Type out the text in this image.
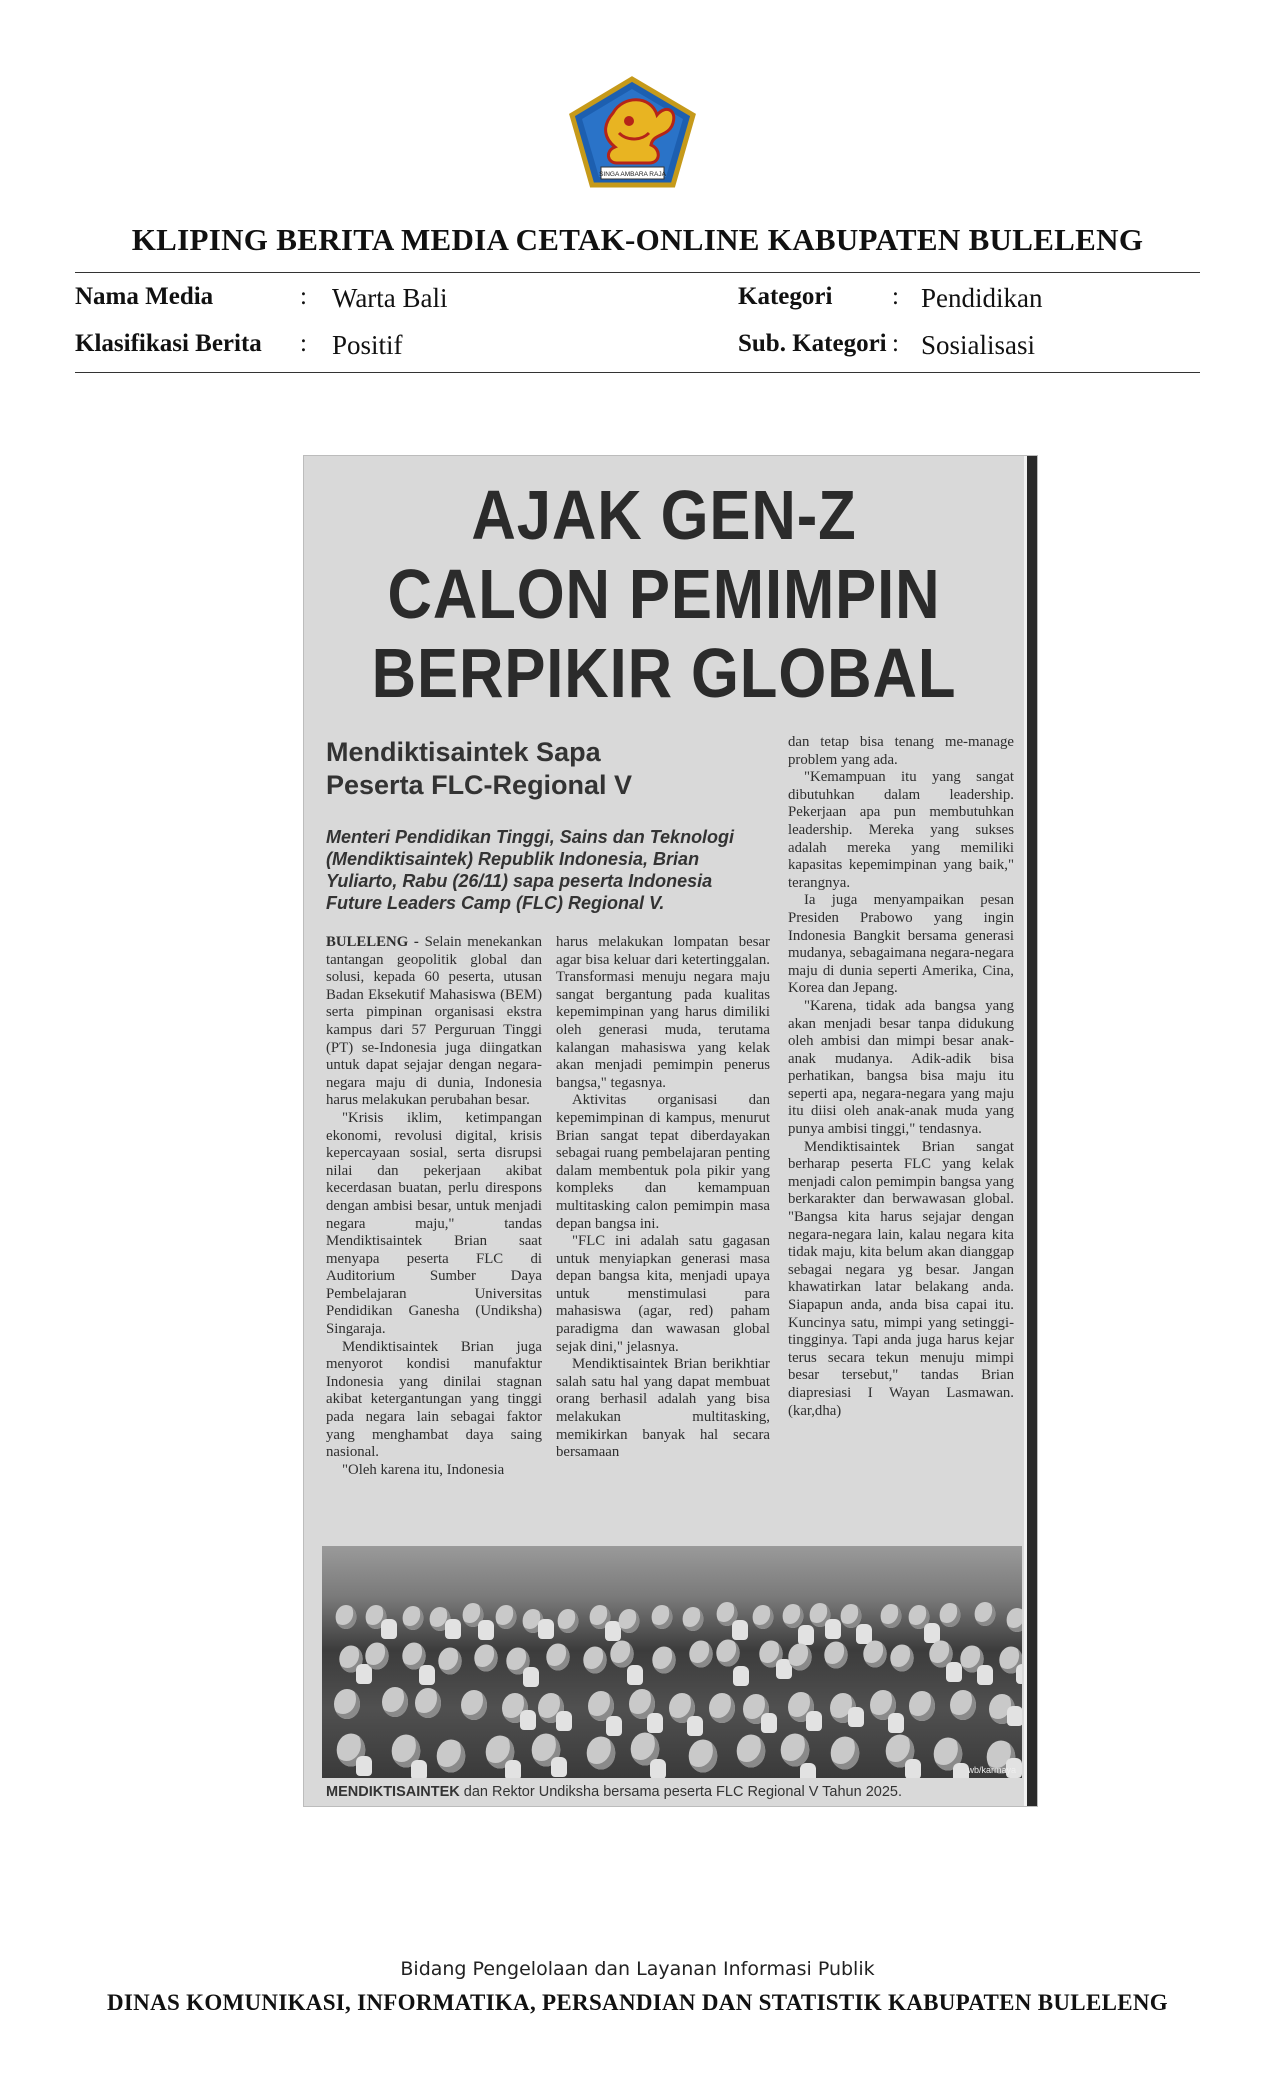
SINGA AMBARA RAJA
KLIPING BERITA MEDIA CETAK-ONLINE KABUPATEN BULELENG
Nama Media	: Warta Bali	Kategori : Pendidikan
Klasifikasi Berita : Positif	Sub. Kategori : Sosialisasi
AJAK GEN-Z
CALON PEMIMPIN
BERPIKIR GLOBAL
Mendiktisaintek Sapa
Peserta FLC-Regional V
Menteri Pendidikan Tinggi, Sains dan Teknologi (Mendiktisaintek) Republik Indonesia, Brian Yuliarto, Rabu (26/11) sapa peserta Indonesia Future Leaders Camp (FLC) Regional V.

BULELENG - Selain menekankan tantangan geopolitik global dan solusi, kepada 60 peserta, utusan Badan Eksekutif Mahasiswa (BEM) serta pimpinan organisasi ekstra kampus dari 57 Perguruan Tinggi (PT) se-Indonesia juga diingatkan untuk dapat sejajar dengan negara-negara maju di dunia, Indonesia harus melakukan perubahan besar.

"Krisis iklim, ketimpangan ekonomi, revolusi digital, krisis kepercayaan sosial, serta disrupsi nilai dan pekerjaan akibat kecerdasan buatan, perlu direspons dengan ambisi besar, untuk menjadi negara maju," tandas Mendiktisaintek Brian saat menyapa peserta FLC di Auditorium Sumber Daya Pembelajaran Universitas Pendidikan Ganesha (Undiksha) Singaraja.

Mendiktisaintek Brian juga menyorot kondisi manufaktur Indonesia yang dinilai stagnan akibat ketergantungan yang tinggi pada negara lain sebagai faktor yang menghambat daya saing nasional.

"Oleh karena itu, Indonesia

harus melakukan lompatan besar agar bisa keluar dari ketertinggalan. Transformasi menuju negara maju sangat bergantung pada kualitas kepemimpinan yang harus dimiliki oleh generasi muda, terutama kalangan mahasiswa yang kelak akan menjadi pemimpin penerus bangsa," tegasnya.

Aktivitas organisasi dan kepemimpinan di kampus, menurut Brian sangat tepat diberdayakan sebagai ruang pembelajaran penting dalam membentuk pola pikir yang kompleks dan kemampuan multitasking calon pemimpin masa depan bangsa ini.

"FLC ini adalah satu gagasan untuk menyiapkan generasi masa depan bangsa kita, menjadi upaya untuk menstimulasi para mahasiswa (agar, red) paham paradigma dan wawasan global sejak dini," jelasnya.

Mendiktisaintek Brian berikhtiar salah satu hal yang dapat membuat orang berhasil adalah yang bisa melakukan multitasking, memikirkan banyak hal secara bersamaan

dan tetap bisa tenang me-manage problem yang ada.

"Kemampuan itu yang sangat dibutuhkan dalam leadership. Pekerjaan apa pun membutuhkan leadership. Mereka yang sukses adalah mereka yang memiliki kapasitas kepemimpinan yang baik," terangnya.

Ia juga menyampaikan pesan Presiden Prabowo yang ingin Indonesia Bangkit bersama generasi mudanya, sebagaimana negara-negara maju di dunia seperti Amerika, Cina, Korea dan Jepang.

"Karena, tidak ada bangsa yang akan menjadi besar tanpa didukung oleh ambisi dan mimpi besar anak-anak mudanya. Adik-adik bisa perhatikan, bangsa bisa maju itu seperti apa, negara-negara yang maju itu diisi oleh anak-anak muda yang punya ambisi tinggi," tendasnya.

Mendiktisaintek Brian sangat berharap peserta FLC yang kelak menjadi calon pemimpin bangsa yang berkarakter dan berwawasan global. "Bangsa kita harus sejajar dengan negara-negara lain, kalau negara kita tidak maju, kita belum akan dianggap sebagai negara yg besar. Jangan khawatirkan latar belakang anda. Siapapun anda, anda bisa capai itu. Kuncinya satu, mimpi yang setinggi-tingginya. Tapi anda juga harus kejar terus secara tekun menuju mimpi besar tersebut," tandas Brian diapresiasi I Wayan Lasmawan. (kar,dha)

wb/karmaya
MENDIKTISAINTEK dan Rektor Undiksha bersama peserta FLC Regional V Tahun 2025.
Bidang Pengelolaan dan Layanan Informasi Publik
DINAS KOMUNIKASI, INFORMATIKA, PERSANDIAN DAN STATISTIK KABUPATEN BULELENG
